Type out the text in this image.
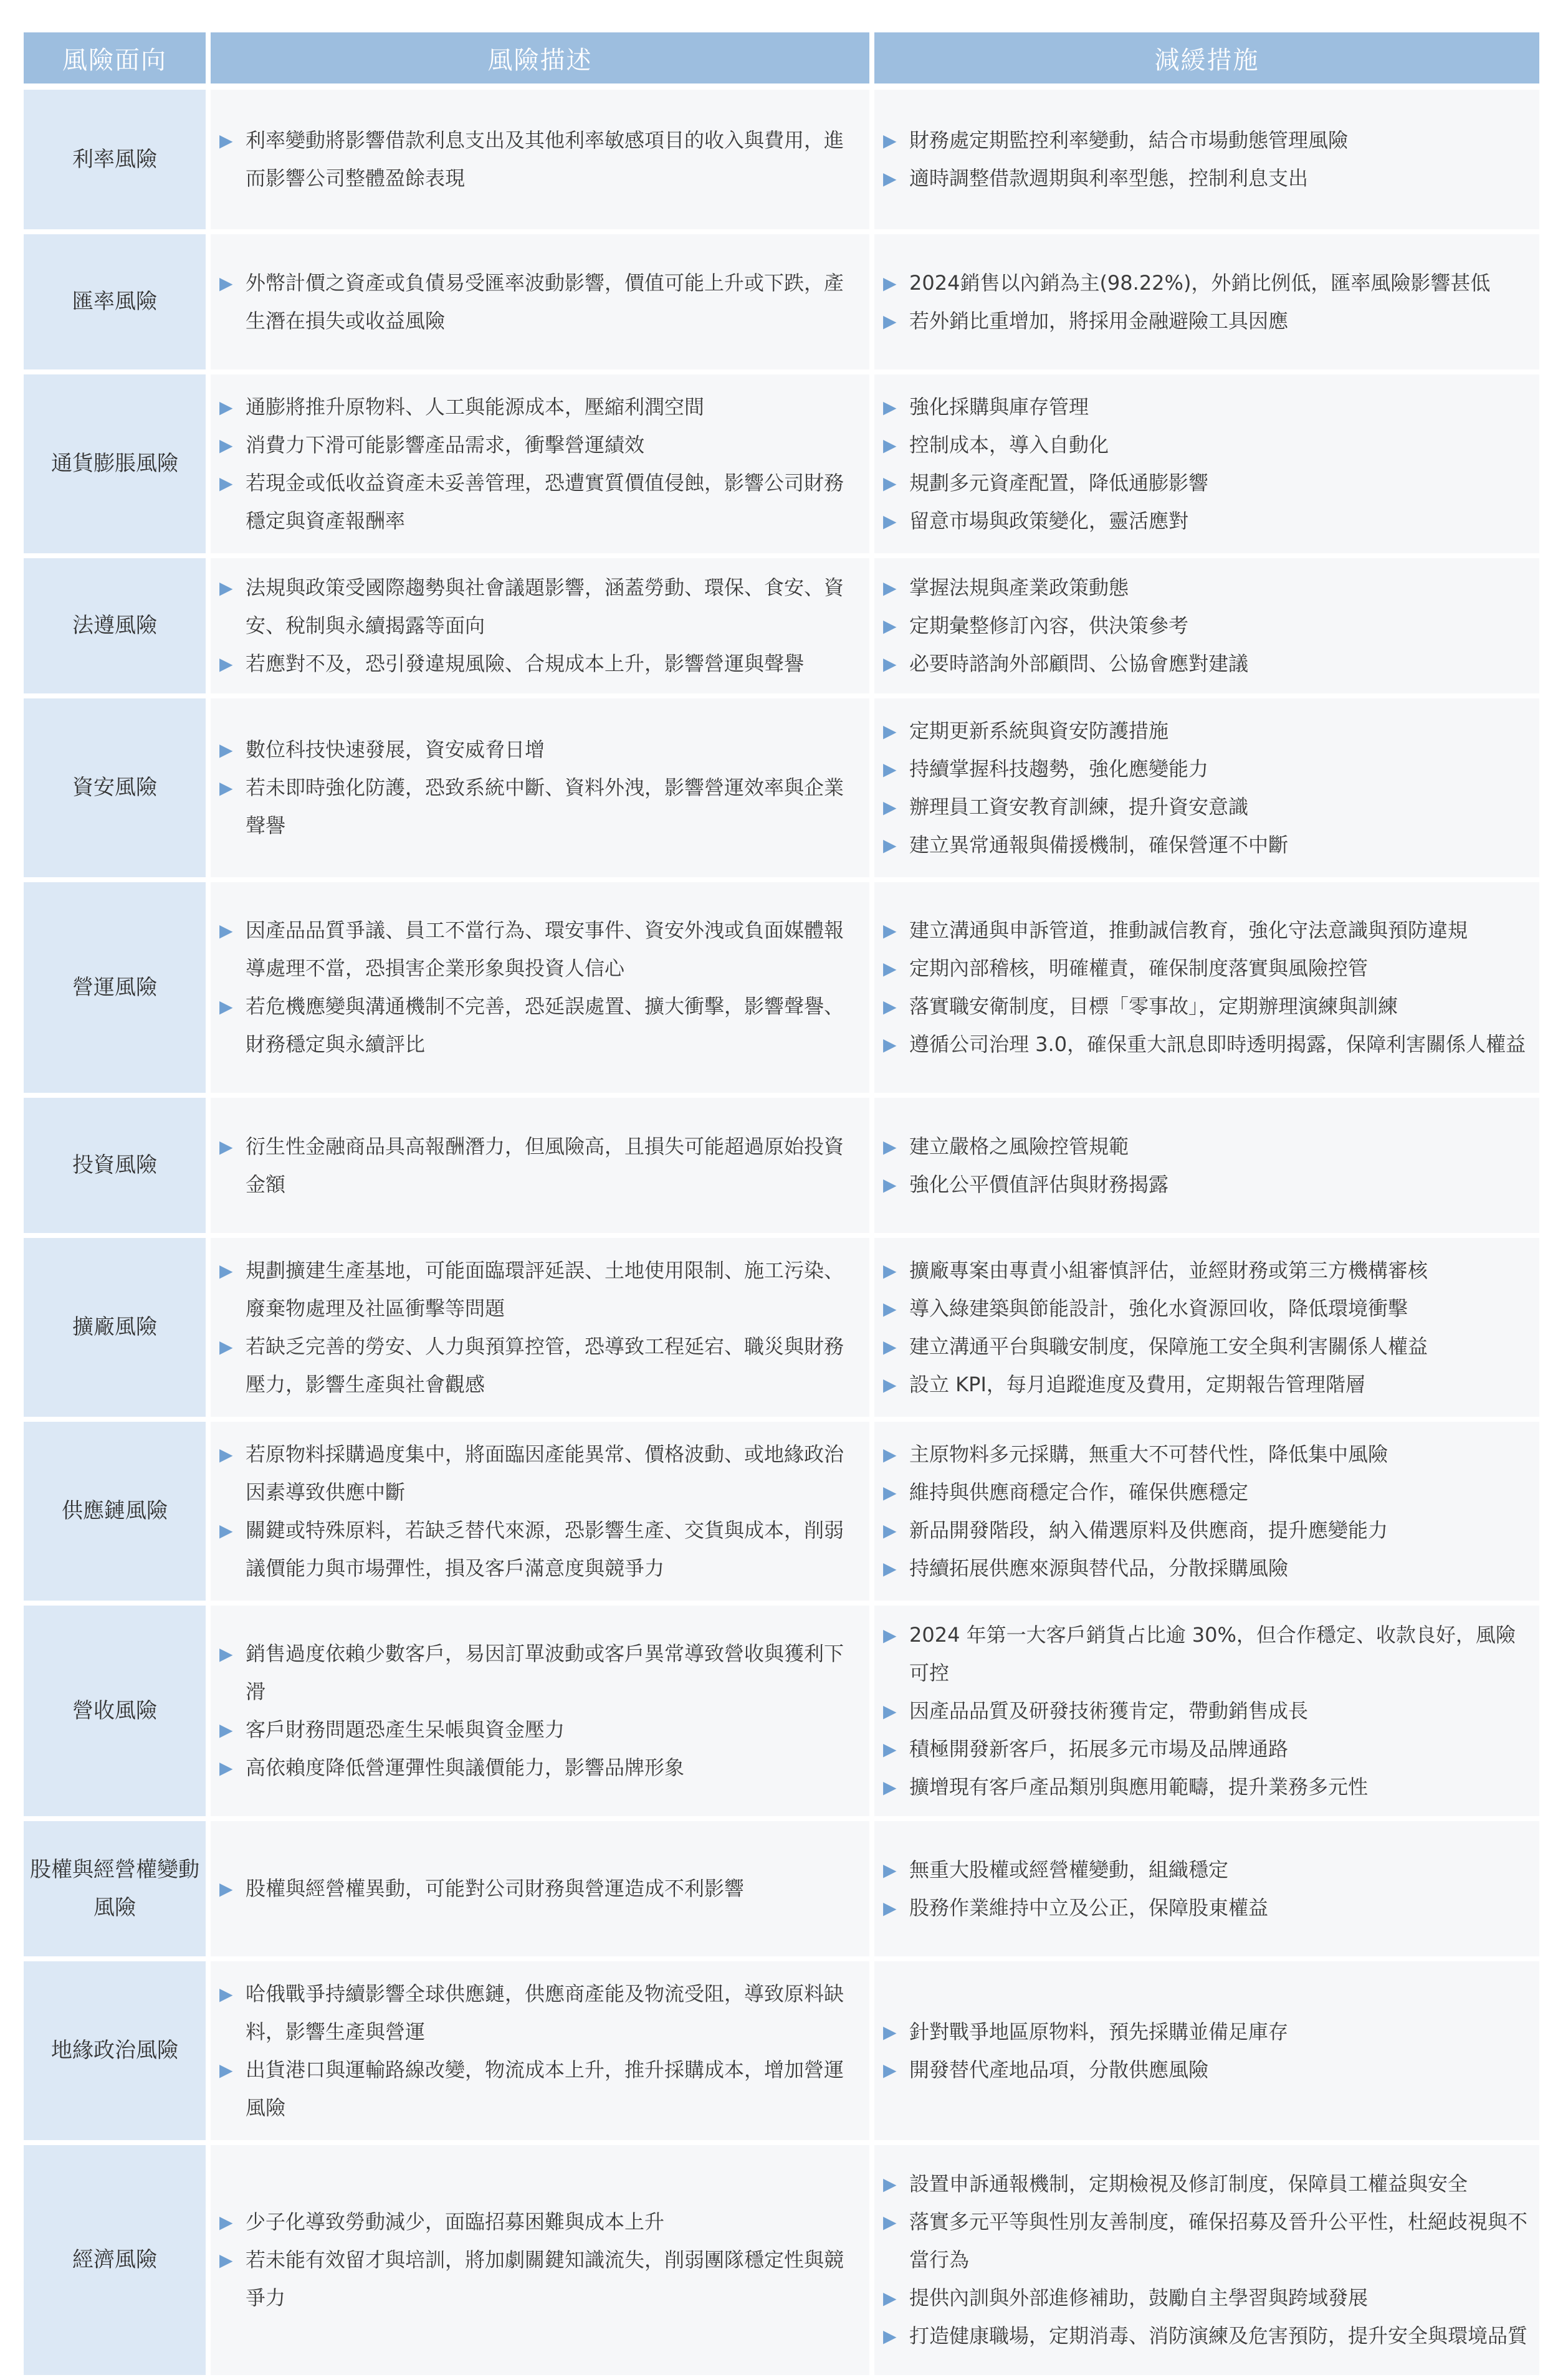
風險面向	風險描述	減緩措施
利率風險
▶ 利率變動將影響借款利息支出及其他利率敏感項目的收入與費用，進而影響公司整體盈餘表現
▶ 財務處定期監控利率變動，結合市場動態管理風險
▶ 適時調整借款週期與利率型態，控制利息支出
匯率風險
▶ 外幣計價之資產或負債易受匯率波動影響，價值可能上升或下跌，產生潛在損失或收益風險
▶ 2024銷售以內銷為主(98.22%)，外銷比例低，匯率風險影響甚低
▶ 若外銷比重增加，將採用金融避險工具因應
通貨膨脹風險
▶ 通膨將推升原物料、人工與能源成本，壓縮利潤空間
▶ 消費力下滑可能影響產品需求，衝擊營運績效
▶ 若現金或低收益資產未妥善管理，恐遭實質價值侵蝕，影響公司財務穩定與資產報酬率
▶ 強化採購與庫存管理
▶ 控制成本，導入自動化
▶ 規劃多元資產配置，降低通膨影響
▶ 留意市場與政策變化，靈活應對
法遵風險
▶ 法規與政策受國際趨勢與社會議題影響，涵蓋勞動、環保、食安、資安、稅制與永續揭露等面向
▶ 若應對不及，恐引發違規風險、合規成本上升，影響營運與聲譽
▶ 掌握法規與產業政策動態
▶ 定期彙整修訂內容，供決策參考
▶ 必要時諮詢外部顧問、公協會應對建議
資安風險
▶ 數位科技快速發展，資安威脅日增
▶ 若未即時強化防護，恐致系統中斷、資料外洩，影響營運效率與企業聲譽
▶ 定期更新系統與資安防護措施
▶ 持續掌握科技趨勢，強化應變能力
▶ 辦理員工資安教育訓練，提升資安意識
▶ 建立異常通報與備援機制，確保營運不中斷
營運風險
▶ 因產品品質爭議、員工不當行為、環安事件、資安外洩或負面媒體報導處理不當，恐損害企業形象與投資人信心
▶ 若危機應變與溝通機制不完善，恐延誤處置、擴大衝擊，影響聲譽、財務穩定與永續評比
▶ 建立溝通與申訴管道，推動誠信教育，強化守法意識與預防違規
▶ 定期內部稽核，明確權責，確保制度落實與風險控管
▶ 落實職安衛制度，目標「零事故」，定期辦理演練與訓練
▶ 遵循公司治理 3.0，確保重大訊息即時透明揭露，保障利害關係人權益
投資風險
▶ 衍生性金融商品具高報酬潛力，但風險高，且損失可能超過原始投資金額
▶ 建立嚴格之風險控管規範
▶ 強化公平價值評估與財務揭露
擴廠風險
▶ 規劃擴建生產基地，可能面臨環評延誤、土地使用限制、施工污染、廢棄物處理及社區衝擊等問題
▶ 若缺乏完善的勞安、人力與預算控管，恐導致工程延宕、職災與財務壓力，影響生產與社會觀感
▶ 擴廠專案由專責小組審慎評估，並經財務或第三方機構審核
▶ 導入綠建築與節能設計，強化水資源回收，降低環境衝擊
▶ 建立溝通平台與職安制度，保障施工安全與利害關係人權益
▶ 設立 KPI，每月追蹤進度及費用，定期報告管理階層
供應鏈風險
▶ 若原物料採購過度集中，將面臨因產能異常、價格波動、或地緣政治因素導致供應中斷
▶ 關鍵或特殊原料，若缺乏替代來源，恐影響生產、交貨與成本，削弱議價能力與市場彈性，損及客戶滿意度與競爭力
▶ 主原物料多元採購，無重大不可替代性，降低集中風險
▶ 維持與供應商穩定合作，確保供應穩定
▶ 新品開發階段，納入備選原料及供應商，提升應變能力
▶ 持續拓展供應來源與替代品，分散採購風險
營收風險
▶ 銷售過度依賴少數客戶，易因訂單波動或客戶異常導致營收與獲利下滑
▶ 客戶財務問題恐產生呆帳與資金壓力
▶ 高依賴度降低營運彈性與議價能力，影響品牌形象
▶ 2024 年第一大客戶銷貨占比逾 30%，但合作穩定、收款良好，風險可控
▶ 因產品品質及研發技術獲肯定，帶動銷售成長
▶ 積極開發新客戶，拓展多元市場及品牌通路
▶ 擴增現有客戶產品類別與應用範疇，提升業務多元性
股權與經營權變動風險
▶ 股權與經營權異動，可能對公司財務與營運造成不利影響
▶ 無重大股權或經營權變動，組織穩定
▶ 股務作業維持中立及公正，保障股東權益
地緣政治風險
▶ 哈俄戰爭持續影響全球供應鏈，供應商產能及物流受阻，導致原料缺料，影響生產與營運
▶ 出貨港口與運輸路線改變，物流成本上升，推升採購成本，增加營運風險
▶ 針對戰爭地區原物料，預先採購並備足庫存
▶ 開發替代產地品項，分散供應風險
經濟風險
▶ 少子化導致勞動減少，面臨招募困難與成本上升
▶ 若未能有效留才與培訓，將加劇關鍵知識流失，削弱團隊穩定性與競爭力
▶ 設置申訴通報機制，定期檢視及修訂制度，保障員工權益與安全
▶ 落實多元平等與性別友善制度，確保招募及晉升公平性，杜絕歧視與不當行為
▶ 提供內訓與外部進修補助，鼓勵自主學習與跨域發展
▶ 打造健康職場，定期消毒、消防演練及危害預防，提升安全與環境品質
